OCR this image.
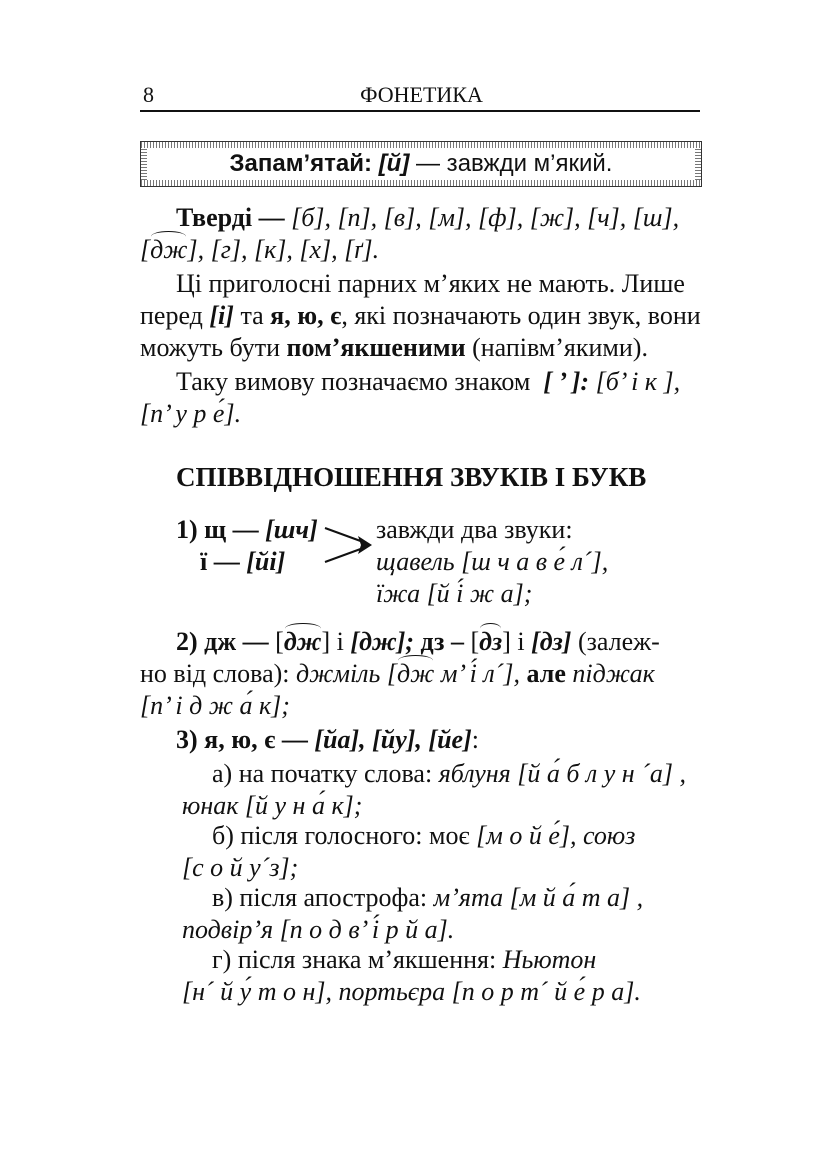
8	ФОНЕТИКА
Запам’ятай: [й] — завжди м’який.
Тверді — [б], [п], [в], [м], [ф], [ж], [ч], [ш],
[дж], [г], [к], [х], [ґ].
Ці приголосні парних м’яких не мають. Лише
перед [і] та я, ю, є, які позначають один звук, вони
можуть бути пом’якшеними (напівм’якими).
Таку вимову позначаємо знаком [ ’ ]: [б’ і к ],
[п’ у р е́].
СПІВВІДНОШЕННЯ ЗВУКІВ І БУКВ
1) щ — [шч]
ї — [йі]
завжди два звуки:
щавель [ш ч а в е́ л´],
їжа [й і́ ж а];
2) дж — [дж] і [дж]; дз – [дз] і [дз] (залеж-
но від слова): джміль [дж м’ і́ л´], але піджак
[п’ і д ж а́ к];
3) я, ю, є — [йа], [йу], [йе]:
а) на початку слова: яблуня [й а́ б л у н ´а] ,
юнак [й у н а́ к];
б) після голосного: моє [м о й е́], союз
[с о й у´з];
в) після апострофа: м’ята [м й а́ т а] ,
подвір’я [п о д в’ і́ р й а].
г) після знака м’якшення: Ньютон
[н´ й у́ т о н], портьєра [п о р т´ й е́ р а].
